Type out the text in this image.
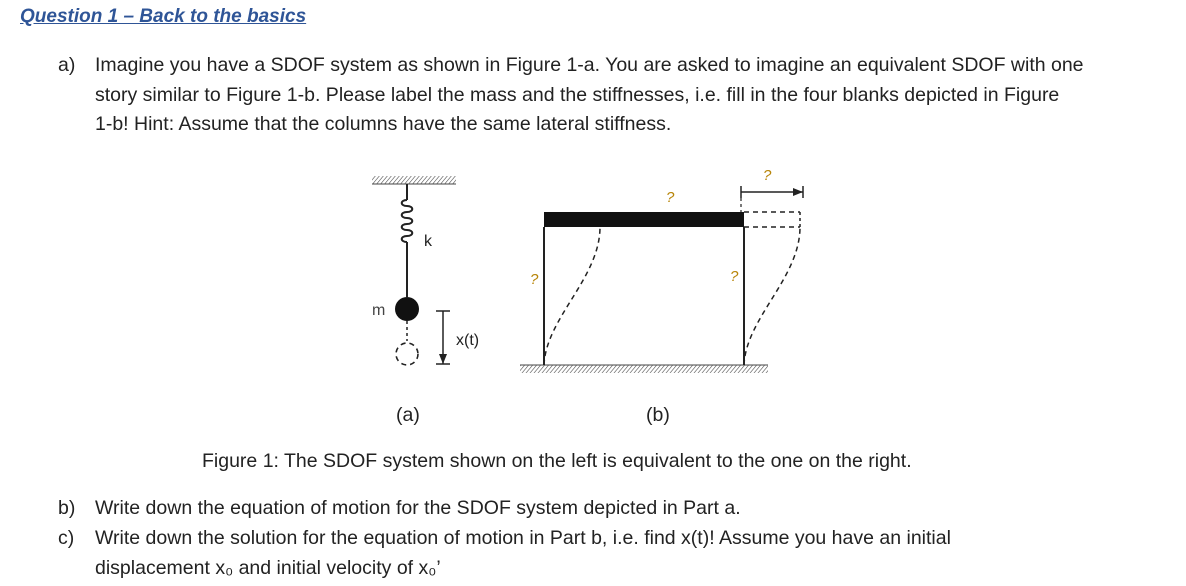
Question 1 – Back to the basics
a) Imagine you have a SDOF system as shown in Figure 1-a. You are asked to imagine an equivalent SDOF with one
story similar to Figure 1-b. Please label the mass and the stiffnesses, i.e. fill in the four blanks depicted in Figure
1-b! Hint: Assume that the columns have the same lateral stiffness.
k
m
x(t)
?
?
?	?
(a)	(b)
Figure 1: The SDOF system shown on the left is equivalent to the one on the right.
b) Write down the equation of motion for the SDOF system depicted in Part a.
c) Write down the solution for the equation of motion in Part b, i.e. find x(t)! Assume you have an initial
displacement x₀ and initial velocity of x₀’
